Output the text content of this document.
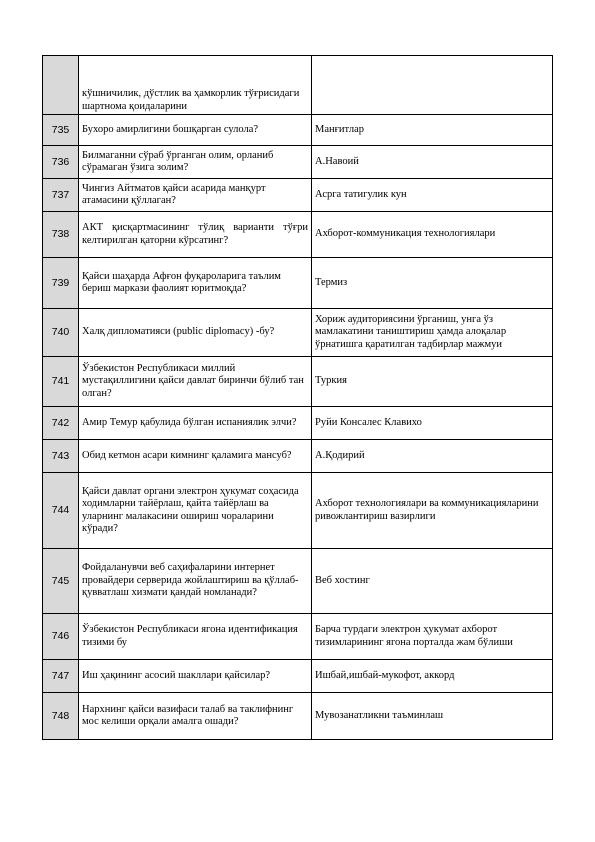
	кўшничилик, дўстлик ва ҳамкорлик тўғрисидаги шартнома қоидаларини	
735	Бухоро амирлигини бошқарган сулола?	Манғитлар
736	Билмаганни сўраб ўрганган олим, орланиб сўрамаган ўзига золим?	А.Навоий
737	Чингиз Айтматов қайси асарида манқурт атамасини қўллаган?	Асрга татигулик кун
738	АКТ қисқартмасининг тўлиқ варианти тўғри келтирилган қаторни кўрсатинг?	Ахборот-коммуникация технологиялари
739	Қайси шаҳарда Афғон фуқароларига таълим бериш маркази фаолият юритмоқда?	Термиз
740	Халқ дипломатияси (public diplomacy) -бу?	Хориж аудиториясини ўрганиш, унга ўз мамлакатини таништириш ҳамда алоқалар ўрнатишга қаратилган тадбирлар мажмуи
741	Ўзбекистон Республикаси миллий мустақиллигини қайси давлат биринчи бўлиб тан олган?	Туркия
742	Амир Темур қабулида бўлган испаниялик элчи?	Руйи Консалес Клавихо
743	Обид кетмон асари кимнинг қаламига мансуб?	А.Қодирий
744	Қайси давлат органи электрон ҳукумат соҳасида ходимларни тайёрлаш, қайта тайёрлаш ва уларнинг малакасини ошириш чораларини кўради?	Ахборот технологиялари ва коммуникацияларини ривожлантириш вазирлиги
745	Фойдаланувчи веб саҳифаларини интернет провайдери серверида жойлаштириш ва қўллаб-қувватлаш хизмати қандай номланади?	Веб хостинг
746	Ўзбекистон Республикаси ягона идентификация тизими бу	Барча турдаги электрон ҳукумат ахборот тизимларининг ягона порталда жам бўлиши
747	Иш ҳақининг асосий шакллари қайсилар?	Ишбай,ишбай-мукофот, аккорд
748	Нархнинг қайси вазифаси талаб ва таклифнинг мос келиши орқали амалга ошади?	Мувозанатликни таъминлаш
